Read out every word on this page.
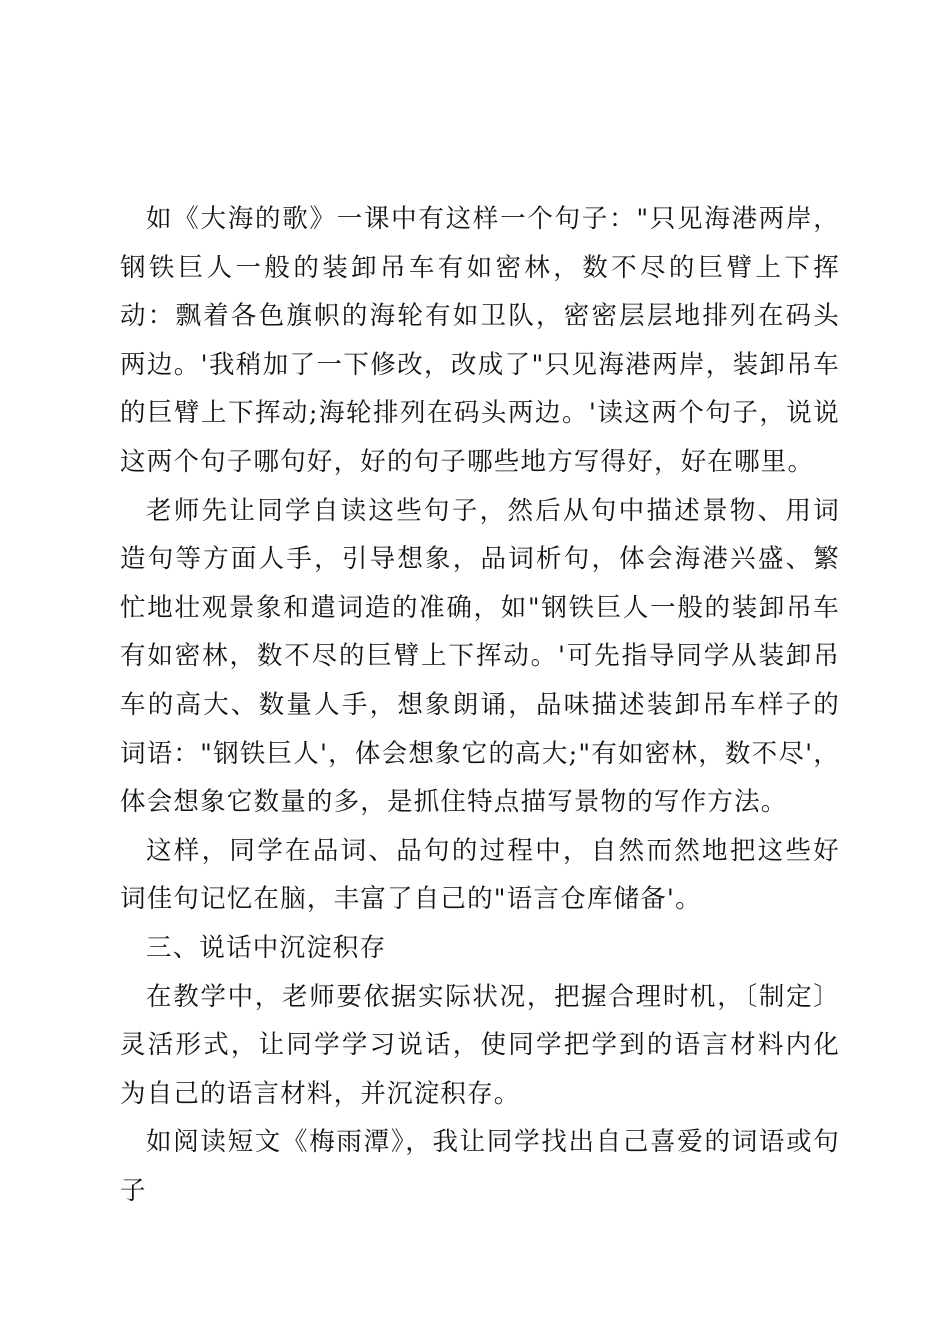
如《大海的歌》一课中有这样一个句子："只见海港两岸，钢铁巨人一般的装卸吊车有如密林，数不尽的巨臂上下挥动：飘着各色旗帜的海轮有如卫队，密密层层地排列在码头两边。'我稍加了一下修改，改成了"只见海港两岸，装卸吊车的巨臂上下挥动;海轮排列在码头两边。'读这两个句子，说说这两个句子哪句好，好的句子哪些地方写得好，好在哪里。

老师先让同学自读这些句子，然后从句中描述景物、用词造句等方面人手，引导想象，品词析句，体会海港兴盛、繁忙地壮观景象和遣词造的准确，如"钢铁巨人一般的装卸吊车有如密林，数不尽的巨臂上下挥动。'可先指导同学从装卸吊车的高大、数量人手，想象朗诵，品味描述装卸吊车样子的词语："钢铁巨人'，体会想象它的高大;"有如密林，数不尽'，体会想象它数量的多，是抓住特点描写景物的写作方法。

这样，同学在品词、品句的过程中，自然而然地把这些好词佳句记忆在脑，丰富了自己的"语言仓库储备'。

三、说话中沉淀积存

在教学中，老师要依据实际状况，把握合理时机，〔制定〕灵活形式，让同学学习说话，使同学把学到的语言材料内化为自己的语言材料，并沉淀积存。

如阅读短文《梅雨潭》，我让同学找出自己喜爱的词语或句子
